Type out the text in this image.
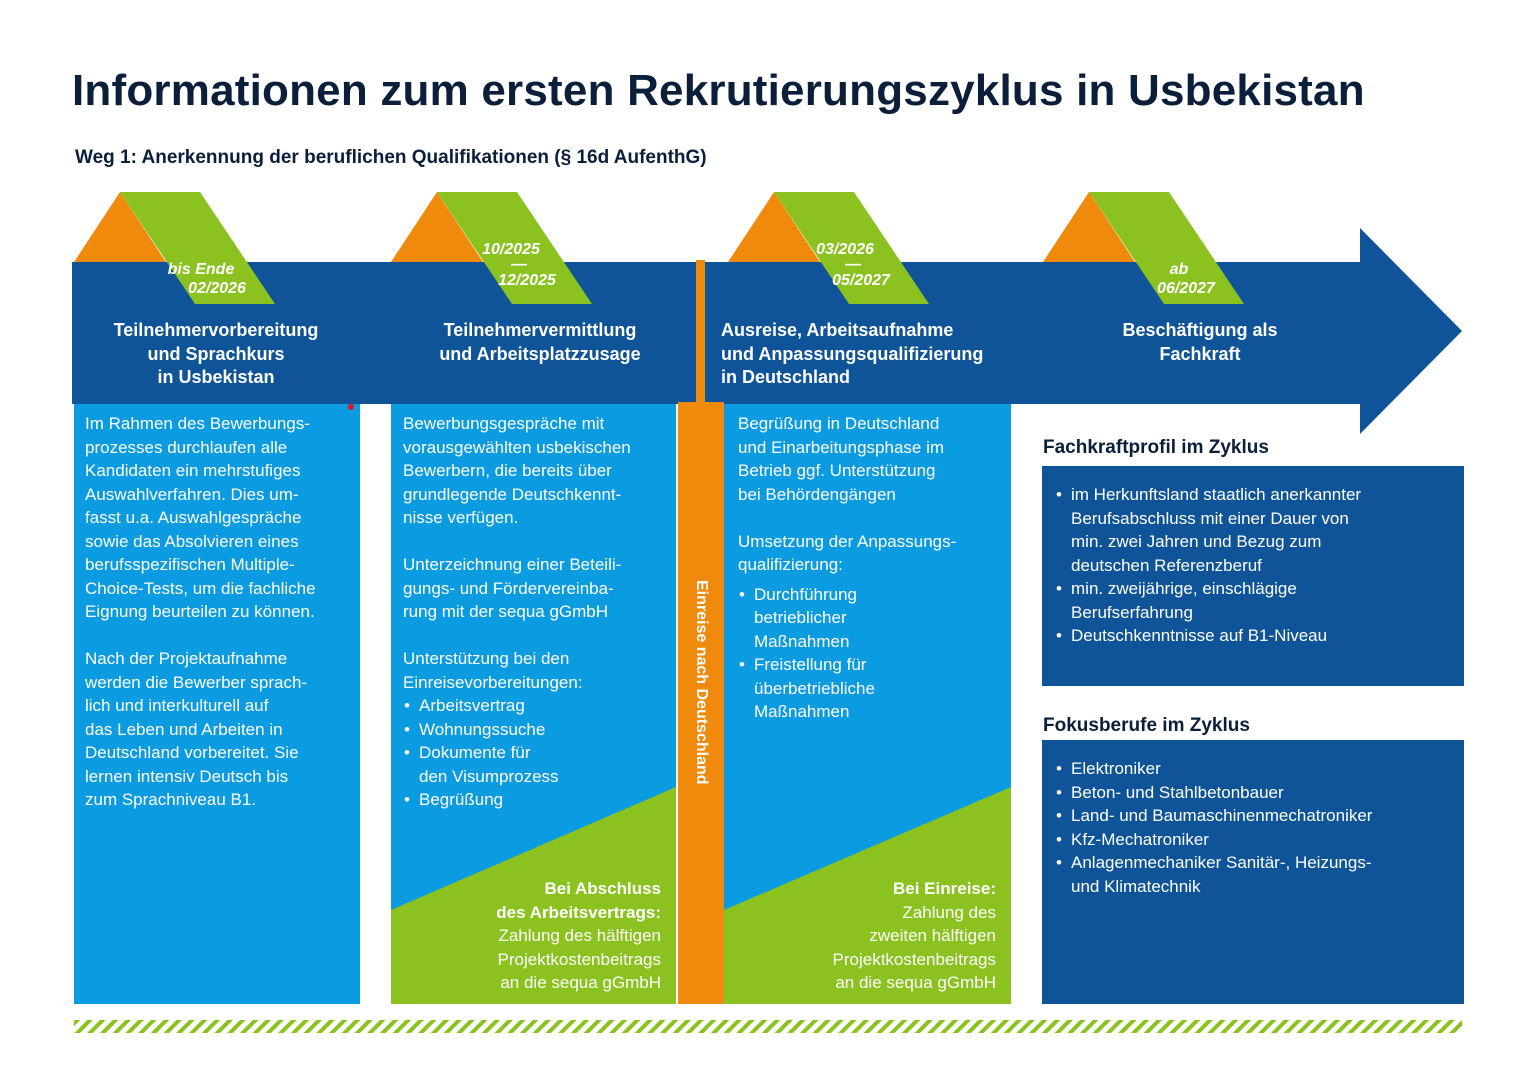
Informationen zum ersten Rekrutierungszyklus in Usbekistan
Weg 1: Anerkennung der beruflichen Qualifikationen (§ 16d AufenthG)
bis Ende
02/2026
10/2025
—
12/2025
03/2026
—
05/2027
ab
06/2027
Teilnehmervorbereitung
und Sprachkurs
in Usbekistan
Teilnehmervermittlung
und Arbeitsplatzzusage
Ausreise, Arbeitsaufnahme
und Anpassungsqualifizierung
in Deutschland
Beschäftigung als
Fachkraft

Im Rahmen des Bewerbungs-
prozesses durchlaufen alle
Kandidaten ein mehrstufiges
Auswahlverfahren. Dies um-
fasst u.a. Auswahlgespräche
sowie das Absolvieren eines
berufsspezifischen Multiple-
Choice-Tests, um die fachliche
Eignung beurteilen zu können.

Nach der Projektaufnahme
werden die Bewerber sprach-
lich und interkulturell auf
das Leben und Arbeiten in
Deutschland vorbereitet. Sie
lernen intensiv Deutsch bis
zum Sprachniveau B1.

Bewerbungsgespräche mit
vorausgewählten usbekischen
Bewerbern, die bereits über
grundlegende Deutschkennt-
nisse verfügen.

Unterzeichnung einer Beteili-
gungs- und Fördervereinba-
rung mit der sequa gGmbH

Unterstützung bei den
Einreisevorbereitungen:

• Arbeitsvertrag
• Wohnungssuche
• Dokumente für
den Visumprozess
• Begrüßung
Bei Abschluss
des Arbeitsvertrags:
Zahlung des hälftigen
Projektkostenbeitrags
an die sequa gGmbH
Einreise nach Deutschland

Begrüßung in Deutschland
und Einarbeitungsphase im
Betrieb ggf. Unterstützung
bei Behördengängen

Umsetzung der Anpassungs-
qualifizierung:

• Durchführung
betrieblicher
Maßnahmen
• Freistellung für
überbetriebliche
Maßnahmen
Bei Einreise:
Zahlung des
zweiten hälftigen
Projektkostenbeitrags
an die sequa gGmbH
Fachkraftprofil im Zyklus
• im Herkunftsland staatlich anerkannter
Berufsabschluss mit einer Dauer von
min. zwei Jahren und Bezug zum
deutschen Referenzberuf
• min. zweijährige, einschlägige
Berufserfahrung
• Deutschkenntnisse auf B1-Niveau
Fokusberufe im Zyklus
• Elektroniker
• Beton- und Stahlbetonbauer
• Land- und Baumaschinenmechatroniker
• Kfz-Mechatroniker
• Anlagenmechaniker Sanitär-, Heizungs-
und Klimatechnik
